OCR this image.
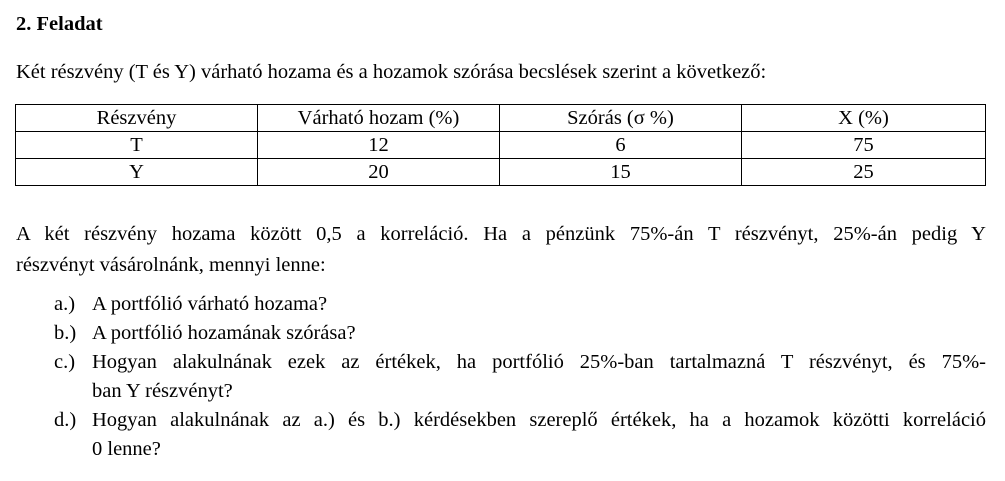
2. Feladat
Két részvény (T és Y) várható hozama és a hozamok szórása becslések szerint a következő:
Részvény	Várható hozam (%)	Szórás (σ %)	X (%)
T	12	6	75
Y	20	15	25
A két részvény hozama között 0,5 a korreláció. Ha a pénzünk 75%-án T részvényt, 25%-án pedig Y
részvényt vásárolnánk, mennyi lenne:
a.) A portfólió várható hozama?
b.) A portfólió hozamának szórása?
c.) Hogyan alakulnának ezek az értékek, ha portfólió 25%-ban tartalmazná T részvényt, és 75%-
ban Y részvényt?
d.) Hogyan alakulnának az a.) és b.) kérdésekben szereplő értékek, ha a hozamok közötti korreláció
0 lenne?
